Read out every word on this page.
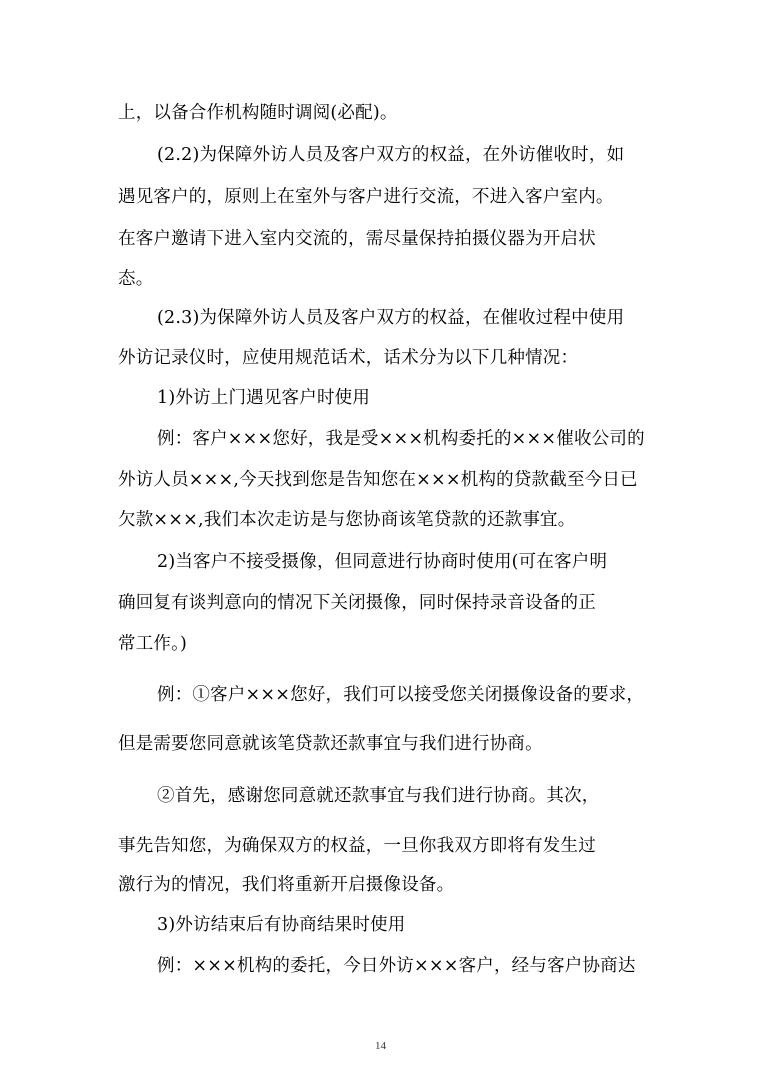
上，以备合作机构随时调阅(必配)。
(2.2)为保障外访人员及客户双方的权益，在外访催收时，如
遇见客户的，原则上在室外与客户进行交流，不进入客户室内。
在客户邀请下进入室内交流的，需尽量保持拍摄仪器为开启状
态。
(2.3)为保障外访人员及客户双方的权益，在催收过程中使用
外访记录仪时，应使用规范话术，话术分为以下几种情况：
1)外访上门遇见客户时使用
例：客户×××您好，我是受×××机构委托的×××催收公司的
外访人员×××,今天找到您是告知您在×××机构的贷款截至今日已
欠款×××,我们本次走访是与您协商该笔贷款的还款事宜。
2)当客户不接受摄像，但同意进行协商时使用(可在客户明
确回复有谈判意向的情况下关闭摄像，同时保持录音设备的正
常工作。)
例：①客户×××您好，我们可以接受您关闭摄像设备的要求，
但是需要您同意就该笔贷款还款事宜与我们进行协商。
②首先，感谢您同意就还款事宜与我们进行协商。其次，
事先告知您，为确保双方的权益，一旦你我双方即将有发生过
激行为的情况，我们将重新开启摄像设备。
3)外访结束后有协商结果时使用
例：×××机构的委托，今日外访×××客户，经与客户协商达
14
